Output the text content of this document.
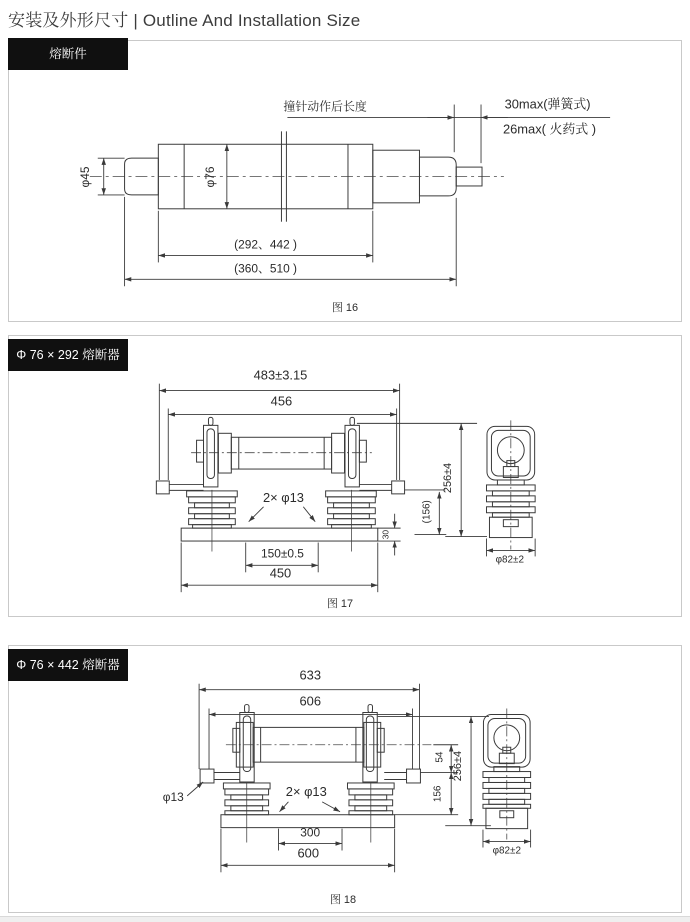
安装及外形尺寸 | Outline And Installation Size
熔断件
撞针动作后长度	30max(弹簧式)
26max( 火药式 )
φ45	φ76
(292、442 )
(360、510 )
图 16
Φ 76 × 292 熔断器
483±3.15
456
256±4
(156)
30
2× φ13
150±0.5
450
φ82±2
图 17
Φ 76 × 442 熔断器
633
606
256±4
54
156
φ13	2× φ13
300
600	φ82±2
图 18
